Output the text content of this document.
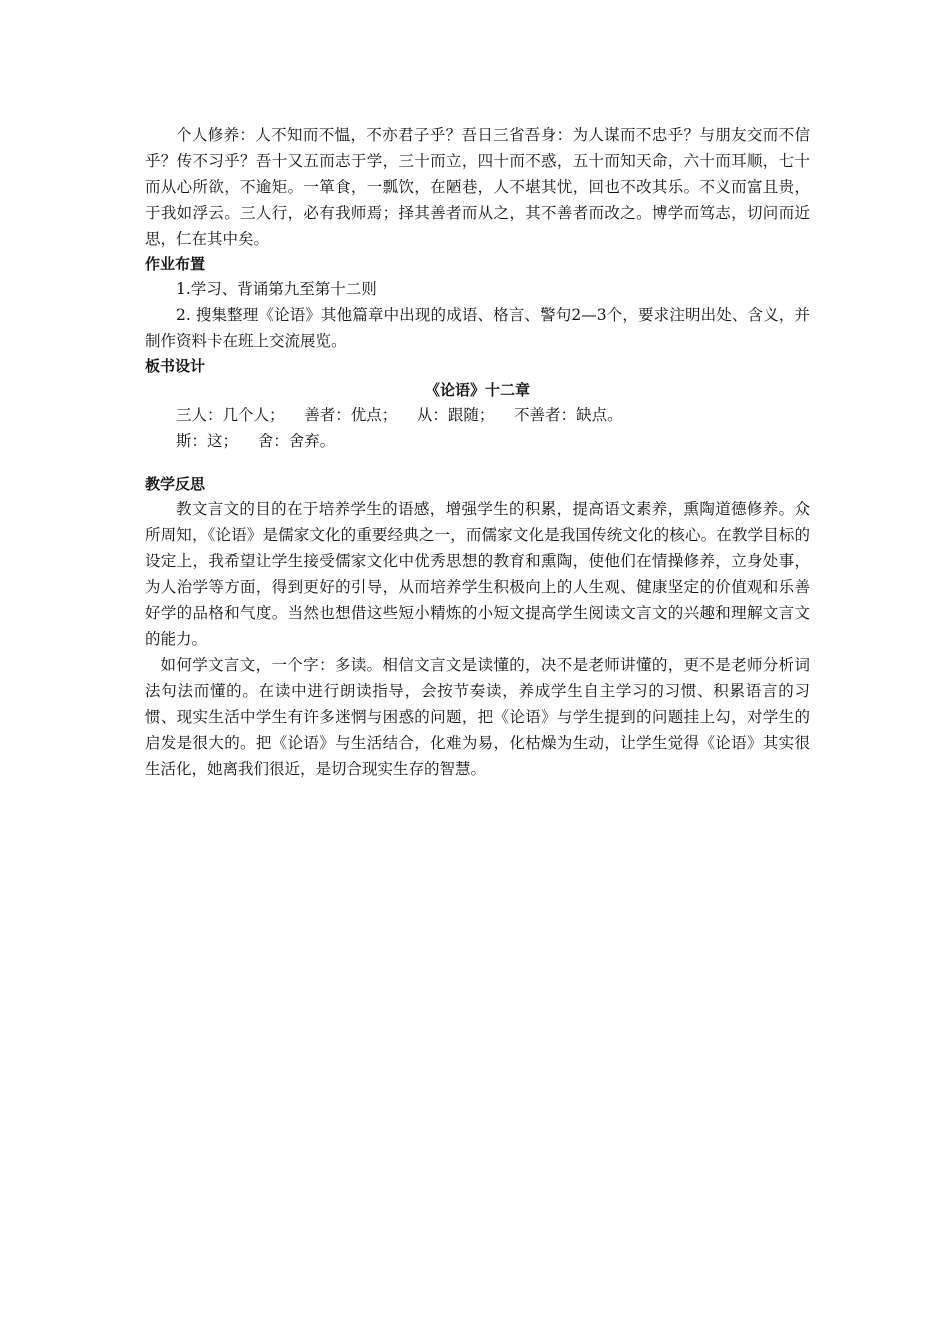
个人修养：人不知而不愠，不亦君子乎？吾日三省吾身：为人谋而不忠乎？与朋友交而不信乎？传不习乎？吾十又五而志于学，三十而立，四十而不惑，五十而知天命，六十而耳顺，七十而从心所欲，不逾矩。一箪食，一瓢饮，在陋巷，人不堪其忧，回也不改其乐。不义而富且贵，于我如浮云。三人行，必有我师焉；择其善者而从之，其不善者而改之。博学而笃志，切问而近思，仁在其中矣。

作业布置

1.学习、背诵第九至第十二则

2. 搜集整理《论语》其他篇章中出现的成语、格言、警句2—3个，要求注明出处、含义，并制作资料卡在班上交流展览。

板书设计

《论语》十二章

三人：几个人；    善者：优点；    从：跟随；    不善者：缺点。

斯：这；    舍：舍弃。

教学反思

教文言文的目的在于培养学生的语感，增强学生的积累，提高语文素养，熏陶道德修养。众所周知，《论语》是儒家文化的重要经典之一，而儒家文化是我国传统文化的核心。在教学目标的设定上，我希望让学生接受儒家文化中优秀思想的教育和熏陶，使他们在情操修养，立身处事，为人治学等方面，得到更好的引导，从而培养学生积极向上的人生观、健康坚定的价值观和乐善好学的品格和气度。当然也想借这些短小精炼的小短文提高学生阅读文言文的兴趣和理解文言文的能力。

如何学文言文，一个字：多读。相信文言文是读懂的，决不是老师讲懂的，更不是老师分析词法句法而懂的。在读中进行朗读指导，会按节奏读，养成学生自主学习的习惯、积累语言的习惯、现实生活中学生有许多迷惘与困惑的问题，把《论语》与学生提到的问题挂上勾，对学生的启发是很大的。把《论语》与生活结合，化难为易，化枯燥为生动，让学生觉得《论语》其实很生活化，她离我们很近，是切合现实生存的智慧。
